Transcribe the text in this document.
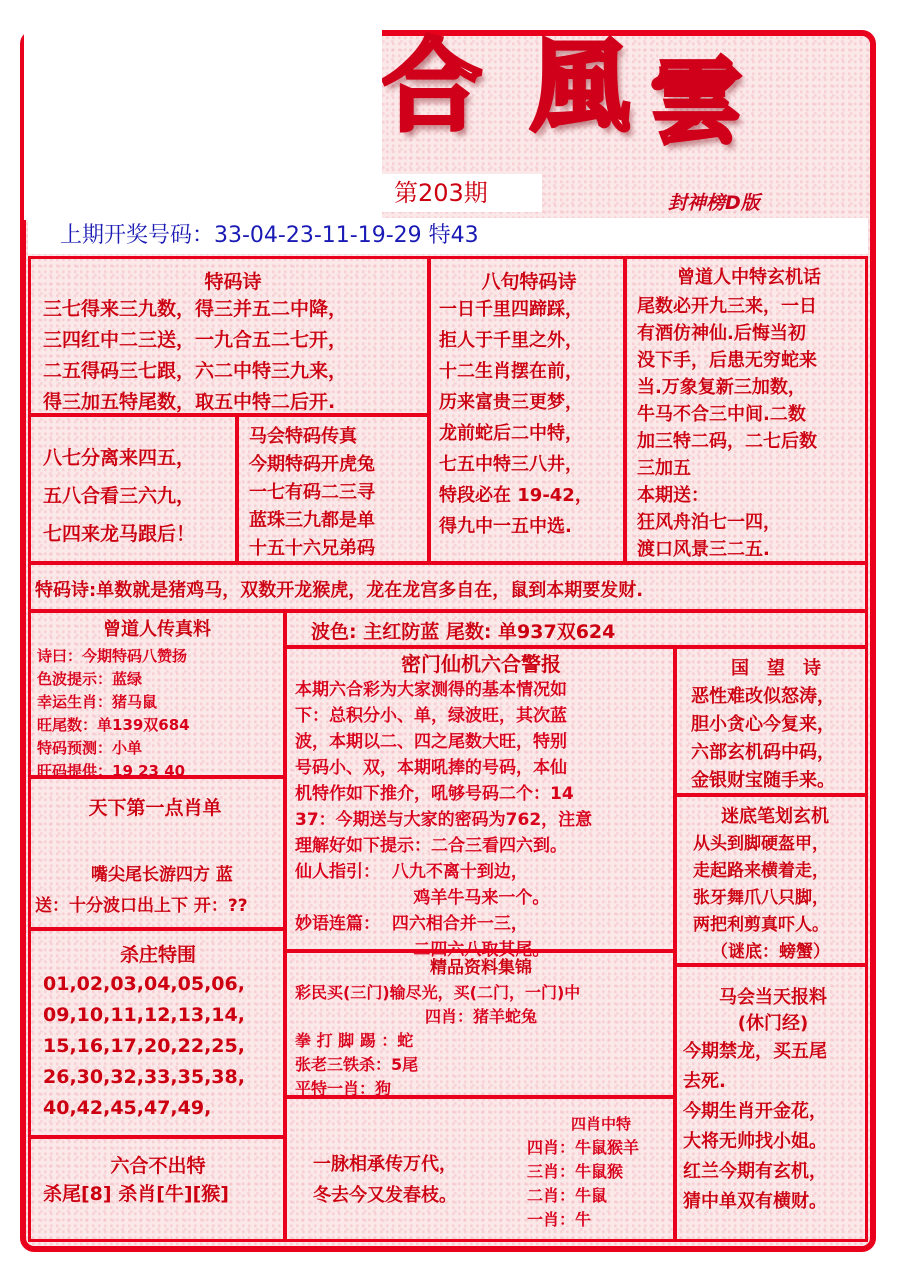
合 風 雲
封神榜D版
第203期
上期开奖号码：33-04-23-11-19-29 特43
特码诗
三七得来三九数，得三并五二中降，
三四红中二三送，一九合五二七开，
二五得码三七跟，六二中特三九来，
得三加五特尾数，取五中特二后开.
八句特码诗
一日千里四蹄踩，
拒人于千里之外，
十二生肖摆在前，
历来富贵三更梦，
龙前蛇后二中特，
七五中特三八井，
特段必在 19-42，
得九中一五中选.
曾道人中特玄机话
尾数必开九三来，一日
有酒仿神仙.后悔当初
没下手，后患无穷蛇来
当.万象复新三加数，
牛马不合三中间.二数
加三特二码，二七后数
三加五
本期送：
狂风舟泊七一四，
渡口风景三二五.
八七分离来四五，
五八合看三六九，
七四来龙马跟后！
马会特码传真
今期特码开虎兔
一七有码二三寻
蓝珠三九都是单
十五十六兄弟码
特码诗:单数就是猪鸡马，双数开龙猴虎，龙在龙宫多自在，鼠到本期要发财.
曾道人传真料
诗曰：今期特码八赞扬
色波提示：蓝绿
幸运生肖：猪马鼠
旺尾数：单139双684
特码预测：小单
旺码提供：19 23 40
天下第一点肖单
嘴尖尾长游四方 蓝
送：十分波口出上下 开：??
杀庄特围
01,02,03,04,05,06,
09,10,11,12,13,14,
15,16,17,20,22,25,
26,30,32,33,35,38,
40,42,45,47,49,
六合不出特
杀尾[8] 杀肖[牛][猴]
波色: 主红防蓝 尾数: 单937双624
密门仙机六合警报
本期六合彩为大家测得的基本情况如
下：总积分小、单，绿波旺，其次蓝
波，本期以二、四之尾数大旺，特别
号码小、双，本期吼捧的号码，本仙
机特作如下推介，吼够号码二个：14
37：今期送与大家的密码为762，注意
理解好如下提示：二合三看四六到。
仙人指引：  八九不离十到边，
鸡羊牛马来一个。
妙语连篇：  四六相合并一三，
二四六八取其尾。
精品资料集锦
彩民买(三门)输尽光，买(二门，一门)中
四肖：猪羊蛇兔
拳 打 脚 踢 ：蛇
张老三铁杀：5尾
平特一肖：狗
一脉相承传万代，
冬去今又发春枝。
四肖中特
四肖：牛鼠猴羊
三肖：牛鼠猴
二肖：牛鼠
一肖：牛
国　望　诗
恶性难改似怒涛，
胆小贪心今复来，
六部玄机码中码，
金银财宝随手来。
迷底笔划玄机
从头到脚硬盔甲，
走起路来横着走，
张牙舞爪八只脚，
两把利剪真吓人。
（谜底：螃蟹）
马会当天报料
(休门经)
今期禁龙，买五尾
去死.
今期生肖开金花，
大将无帅找小姐。
红兰今期有玄机，
猜中单双有横财。
